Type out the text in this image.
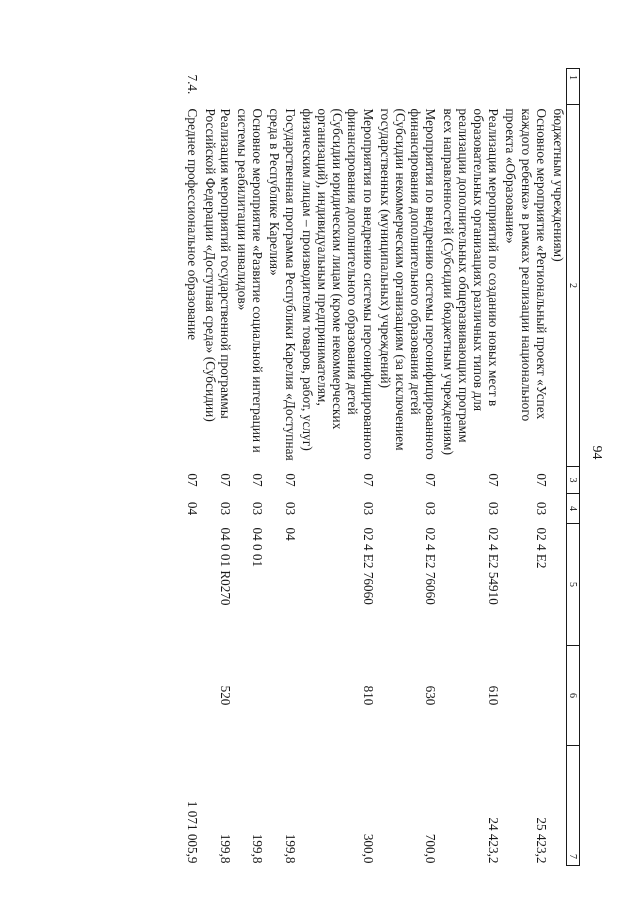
94
1	2	3	4	5	6	7
	бюджетным учреждениям)					
	Основное мероприятие «Региональный проект «Успех каждого ребенка» в рамках реализации национального проекта «Образование»	07	03	02 4 E2		25 423,2
	Реализация мероприятий по созданию новых мест в образовательных организациях различных типов для реализации дополнительных общеразвивающих программ всех направленностей (Субсидии бюджетным учреждениям)	07	03	02 4 E2 54910	610	24 423,2
	Мероприятия по внедрению системы персонифицированного финансирования дополнительного образования детей (Субсидии некоммерческим организациям (за исключением государственных (муниципальных) учреждений)	07	03	02 4 E2 76060	630	700,0
	Мероприятия по внедрению системы персонифицированного финансирования дополнительного образования детей (Субсидии юридическим лицам (кроме некоммерческих организаций), индивидуальным предпринимателям, физическим лицам – производителям товаров, работ, услуг)	07	03	02 4 E2 76060	810	300,0
	Государственная программа Республики Карелия «Доступная среда в Республике Карелия»	07	03	04		199,8
	Основное мероприятие «Развитие социальной интеграции и системы реабилитации инвалидов»	07	03	04 0 01		199,8
	Реализация мероприятий государственной программы Российской Федерации «Доступная среда» (Субсидии)	07	03	04 0 01 R0270	520	199,8
7.4.	Среднее профессиональное образование	07	04			1 071 005,9
